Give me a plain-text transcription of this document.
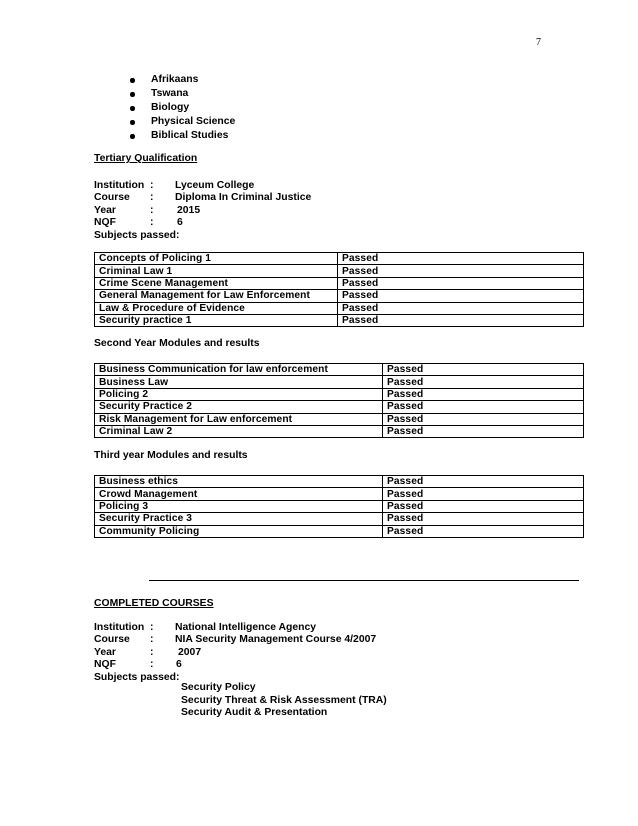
7
Afrikaans
Tswana
Biology
Physical Science
Biblical Studies
Tertiary Qualification
Institution : Lyceum College
Course : Diploma In Criminal Justice
Year	: 2015
NQF	: 6
Subjects passed:
Concepts of Policing 1	Passed
Criminal Law 1	Passed
Crime Scene Management	Passed
General Management for Law Enforcement	Passed
Law & Procedure of Evidence	Passed
Security practice 1	Passed
Second Year Modules and results
Business Communication for law enforcement	Passed
Business Law	Passed
Policing 2	Passed
Security Practice 2	Passed
Risk Management for Law enforcement	Passed
Criminal Law 2	Passed
Third year Modules and results
Business ethics	Passed
Crowd Management	Passed
Policing 3	Passed
Security Practice 3	Passed
Community Policing	Passed
COMPLETED COURSES
Institution : National Intelligence Agency
Course : NIA Security Management Course 4/2007
Year	: 2007
NQF	: 6
Subjects passed:
Security Policy
Security Threat & Risk Assessment (TRA)
Security Audit & Presentation
